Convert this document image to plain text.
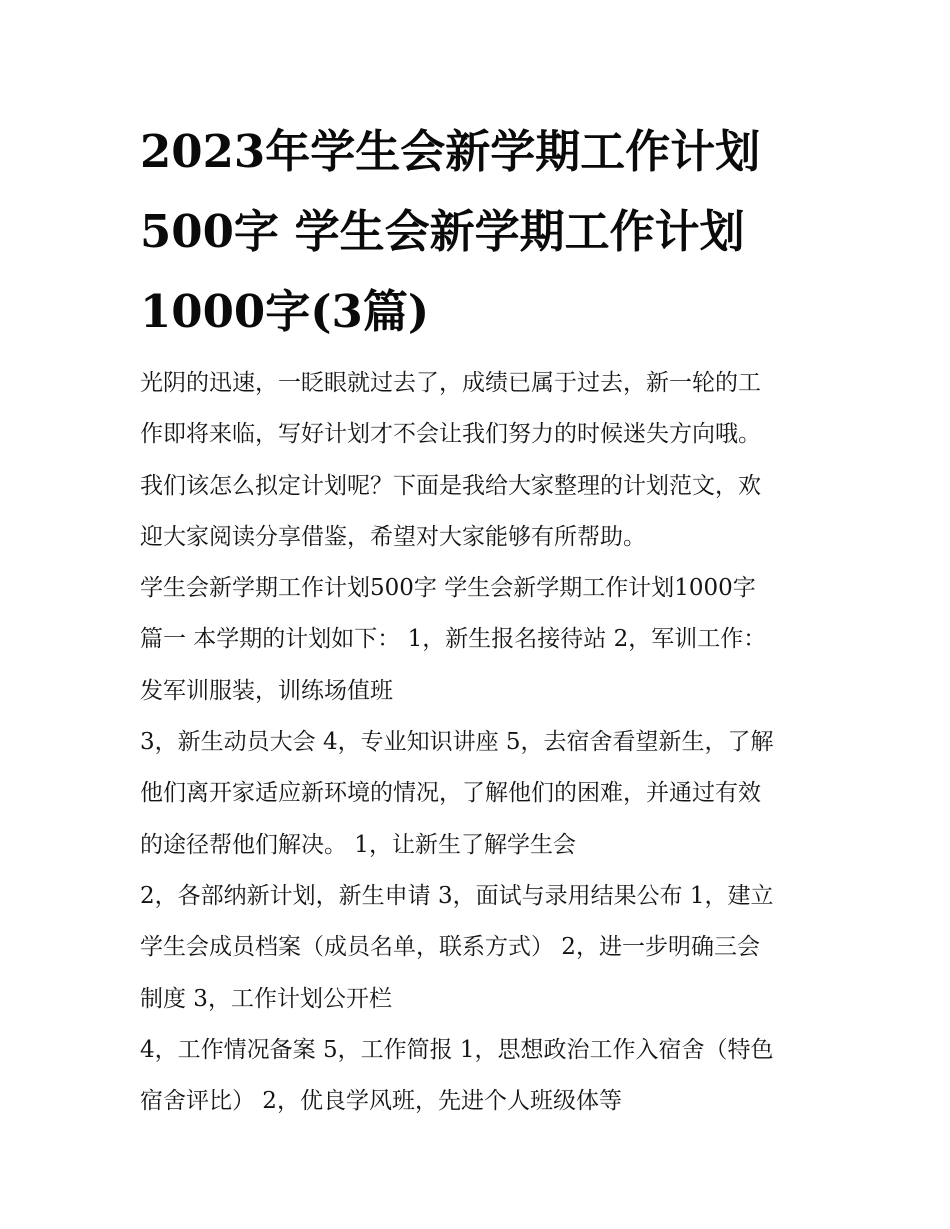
2023年学生会新学期工作计划
500字 学生会新学期工作计划
1000字(3篇)
光阴的迅速，一眨眼就过去了，成绩已属于过去，新一轮的工
作即将来临，写好计划才不会让我们努力的时候迷失方向哦。
我们该怎么拟定计划呢？下面是我给大家整理的计划范文，欢
迎大家阅读分享借鉴，希望对大家能够有所帮助。
学生会新学期工作计划500字 学生会新学期工作计划1000字
篇一 本学期的计划如下： 1，新生报名接待站 2，军训工作：
发军训服装，训练场值班
3，新生动员大会 4，专业知识讲座 5，去宿舍看望新生，了解
他们离开家适应新环境的情况，了解他们的困难，并通过有效
的途径帮他们解决。 1，让新生了解学生会
2，各部纳新计划，新生申请 3，面试与录用结果公布 1，建立
学生会成员档案（成员名单，联系方式） 2，进一步明确三会
制度 3，工作计划公开栏
4，工作情况备案 5，工作简报 1，思想政治工作入宿舍（特色
宿舍评比） 2，优良学风班，先进个人班级体等
